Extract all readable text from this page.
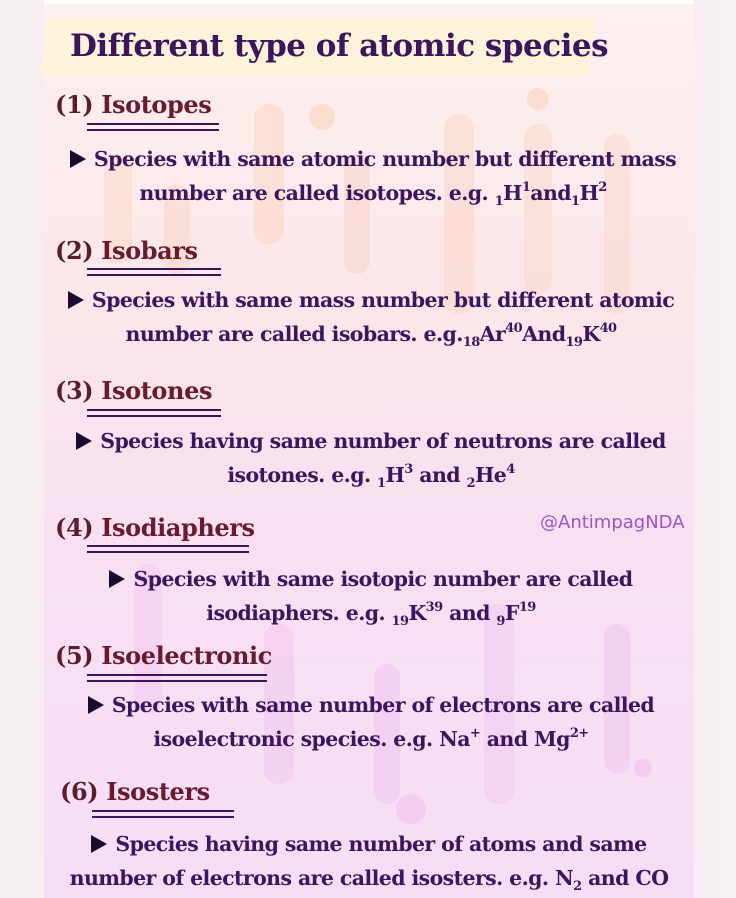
Different type of atomic species
(1) Isotopes
Species with same atomic number but different mass
number are called isotopes. e.g. $_1H^1and_1H^2$
(2) Isobars
Species with same mass number but different atomic
number are called isobars. $e.g._{18}Ar^{40}And_{19}K^{40}$
(3) Isotones
Species having same number of neutrons are called
isotones. e.g. $_1H^3$ and $_2He^4$
(4) Isodiaphers	@AntimpagNDA
Species with same isotopic number are called
isodiaphers. e.g. $_{19}K^{39}$ and $_9F^{19}$
(5) Isoelectronic
Species with same number of electrons are called
isoelectronic species. e.g. Na+ and $Mg^{2+}$
(6) Isosters
Species having same number of atoms and same
number of electrons are called isosters. e.g. $N_2$ and CO
